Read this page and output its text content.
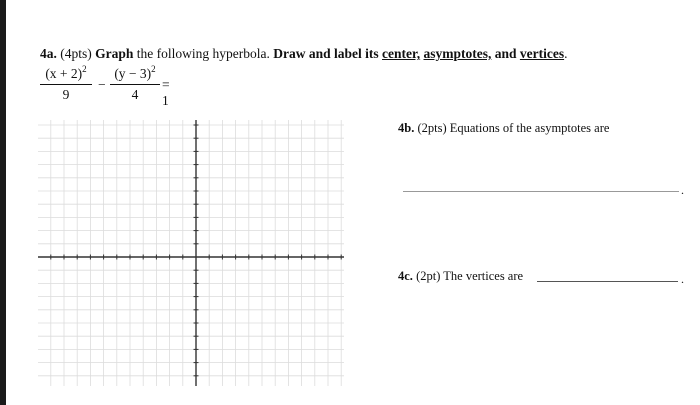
4a. (4pts) Graph the following hyperbola. Draw and label its center, asymptotes, and vertices.
$(x + 2)^2$
9
−
$(y - 3)^2$
4
= 1
4b. (2pts) Equations of the asymptotes are
.
4c. (2pt) The vertices are	.
